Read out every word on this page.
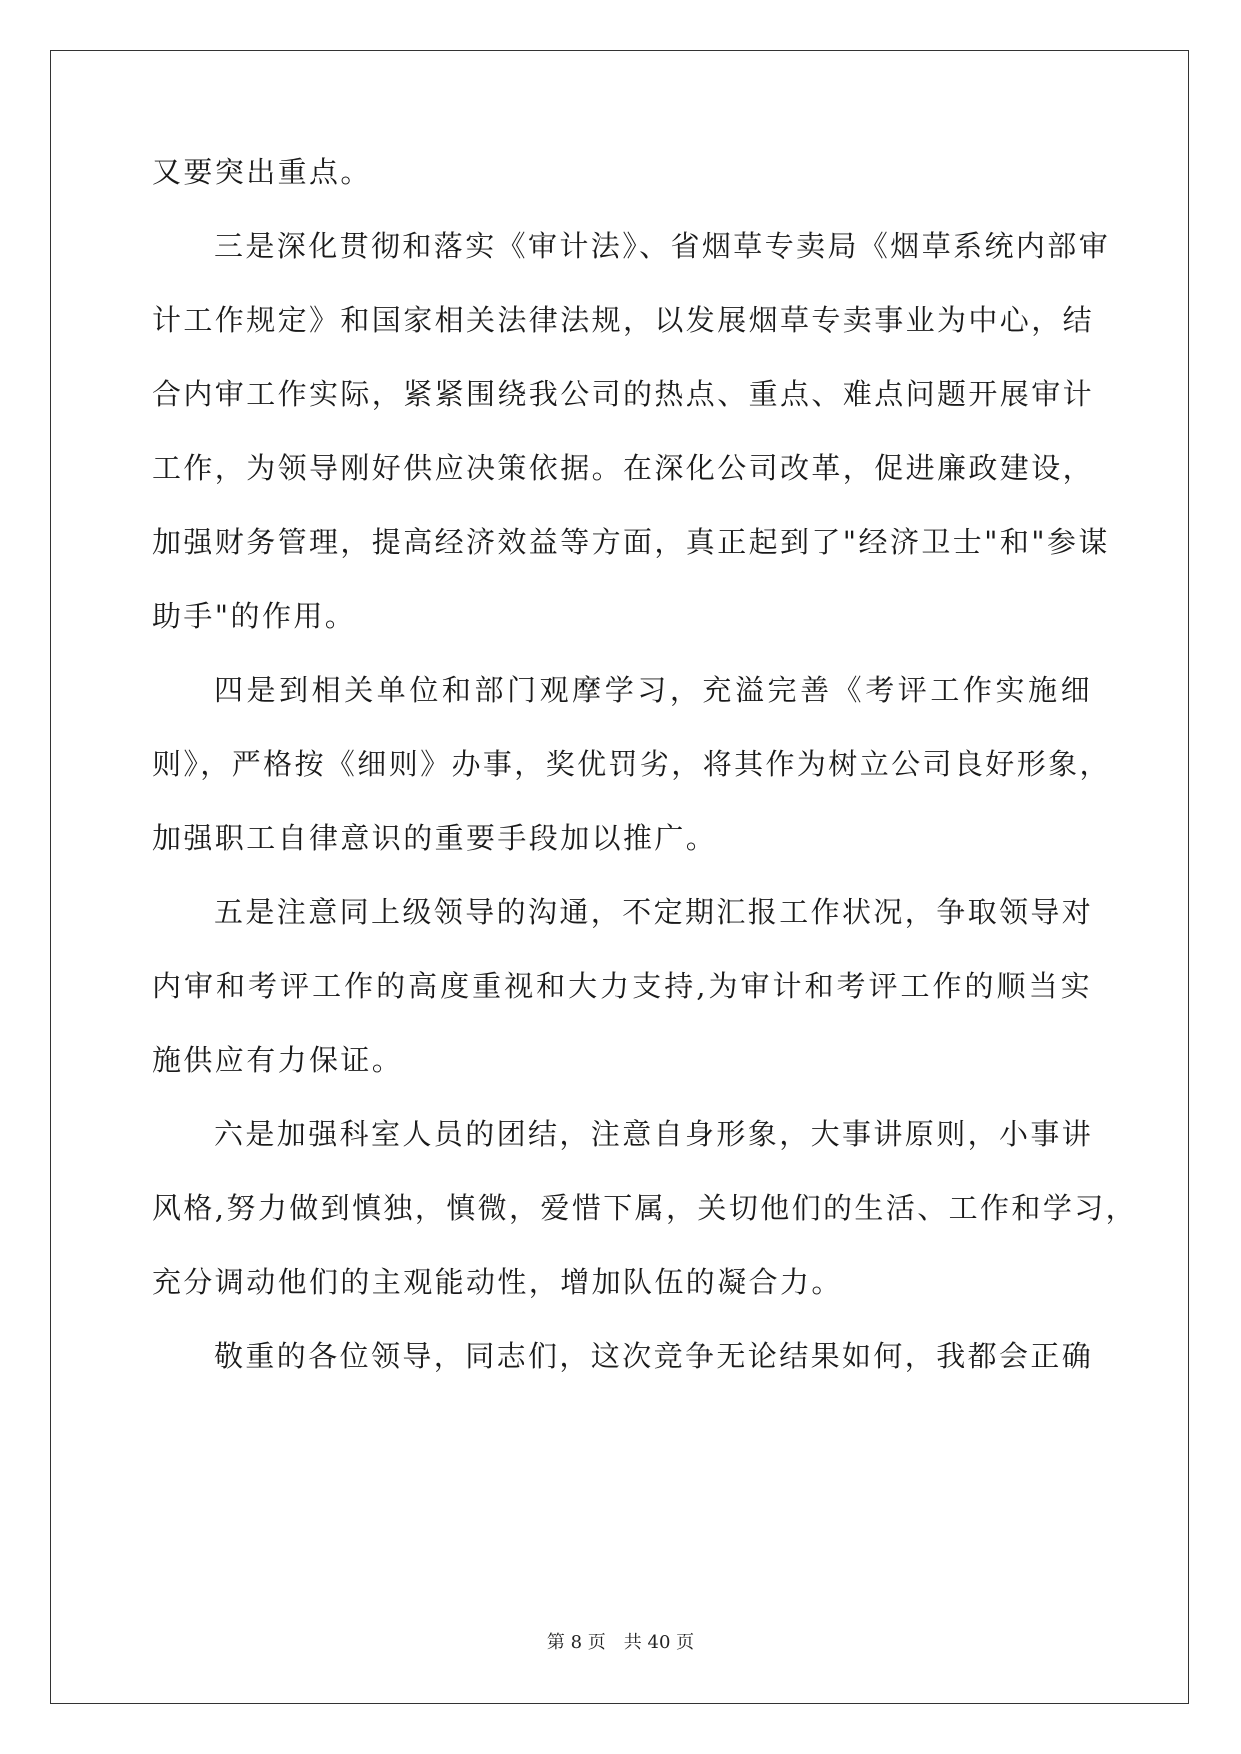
又要突出重点。

三是深化贯彻和落实《审计法》、省烟草专卖局《烟草系统内部审

计工作规定》和国家相关法律法规，以发展烟草专卖事业为中心，结

合内审工作实际，紧紧围绕我公司的热点、重点、难点问题开展审计

工作，为领导刚好供应决策依据。在深化公司改革，促进廉政建设，

加强财务管理，提高经济效益等方面，真正起到了"经济卫士"和"参谋

助手"的作用。

四是到相关单位和部门观摩学习，充溢完善《考评工作实施细

则》，严格按《细则》办事，奖优罚劣，将其作为树立公司良好形象，

加强职工自律意识的重要手段加以推广。

五是注意同上级领导的沟通，不定期汇报工作状况，争取领导对

内审和考评工作的高度重视和大力支持,为审计和考评工作的顺当实

施供应有力保证。

六是加强科室人员的团结，注意自身形象，大事讲原则，小事讲

风格,努力做到慎独，慎微，爱惜下属，关切他们的生活、工作和学习，

充分调动他们的主观能动性，增加队伍的凝合力。

敬重的各位领导，同志们，这次竞争无论结果如何，我都会正确

第 8 页　共 40 页
